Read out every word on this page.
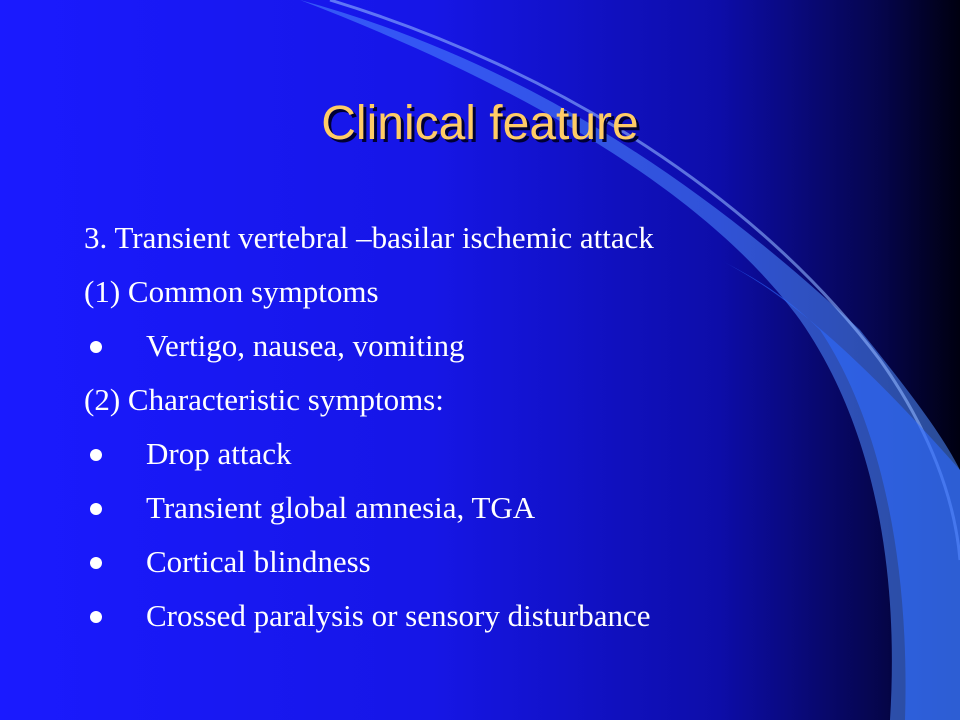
Clinical feature
3. Transient vertebral –basilar ischemic attack
(1) Common symptoms
Vertigo, nausea, vomiting
(2) Characteristic symptoms:
Drop attack
Transient global amnesia, TGA
Cortical blindness
Crossed paralysis or sensory disturbance
